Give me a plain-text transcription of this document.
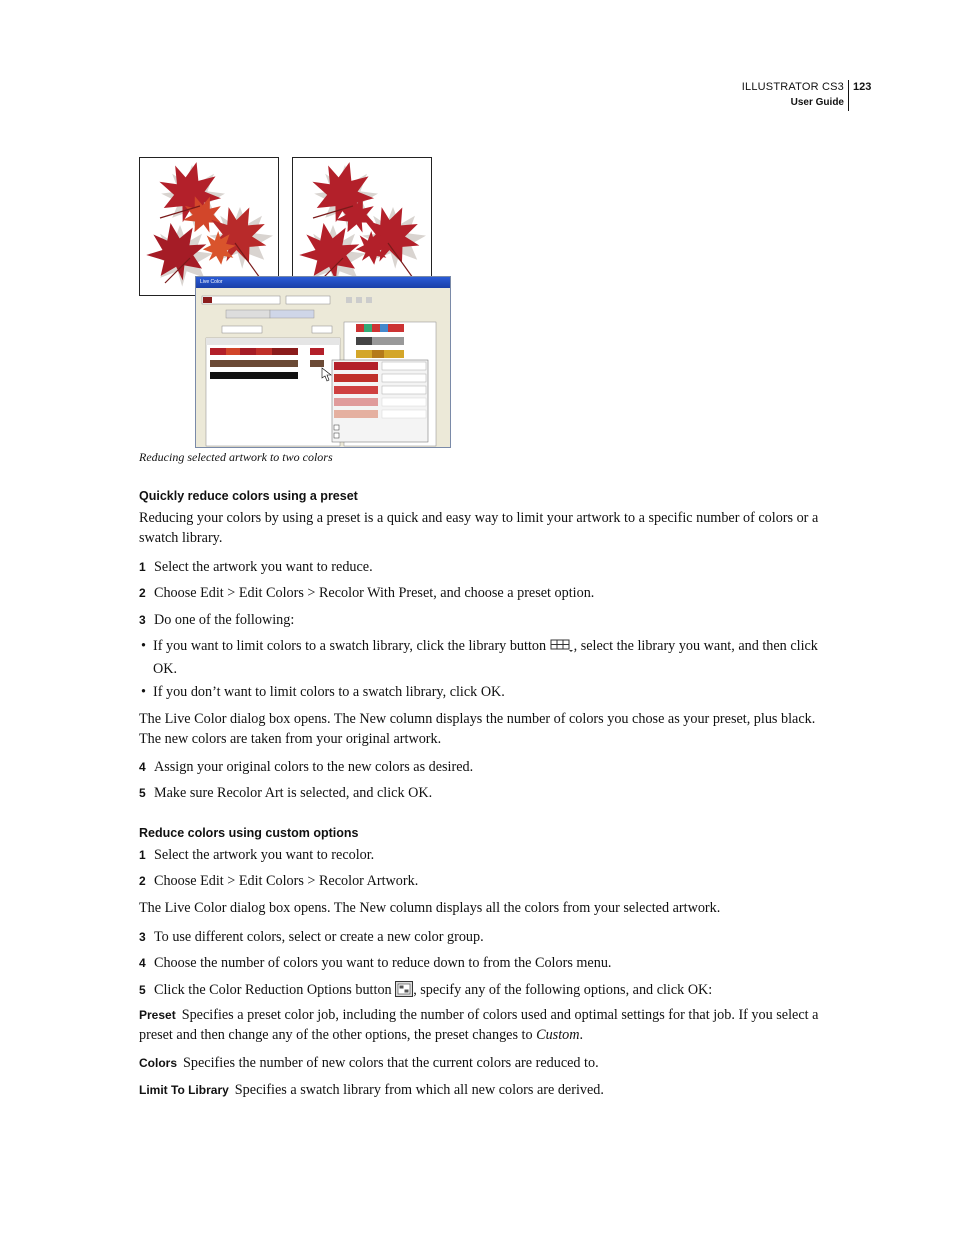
ILLUSTRATOR CS3
User Guide
123
Live Color
Reducing selected artwork to two colors
Quickly reduce colors using a preset

Reducing your colors by using a preset is a quick and easy way to limit your artwork to a specific number of colors or a swatch library.

1 Select the artwork you want to reduce.
2 Choose Edit > Edit Colors > Recolor With Preset, and choose a preset option.
3 Do one of the following:
• If you want to limit colors to a swatch library, click the library button , select the library you want, and then click OK.
• If you don’t want to limit colors to a swatch library, click OK.

The Live Color dialog box opens. The New column displays the number of colors you chose as your preset, plus black. The new colors are taken from your original artwork.

4 Assign your original colors to the new colors as desired.
5 Make sure Recolor Art is selected, and click OK.
Reduce colors using custom options
1 Select the artwork you want to recolor.
2 Choose Edit > Edit Colors > Recolor Artwork.

The Live Color dialog box opens. The New column displays all the colors from your selected artwork.

3 To use different colors, select or create a new color group.
4 Choose the number of colors you want to reduce down to from the Colors menu.
5 Click the Color Reduction Options button , specify any of the following options, and click OK:

Preset Specifies a preset color job, including the number of colors used and optimal settings for that job. If you select a preset and then change any of the other options, the preset changes to Custom.

Colors Specifies the number of new colors that the current colors are reduced to.

Limit To Library Specifies a swatch library from which all new colors are derived.
